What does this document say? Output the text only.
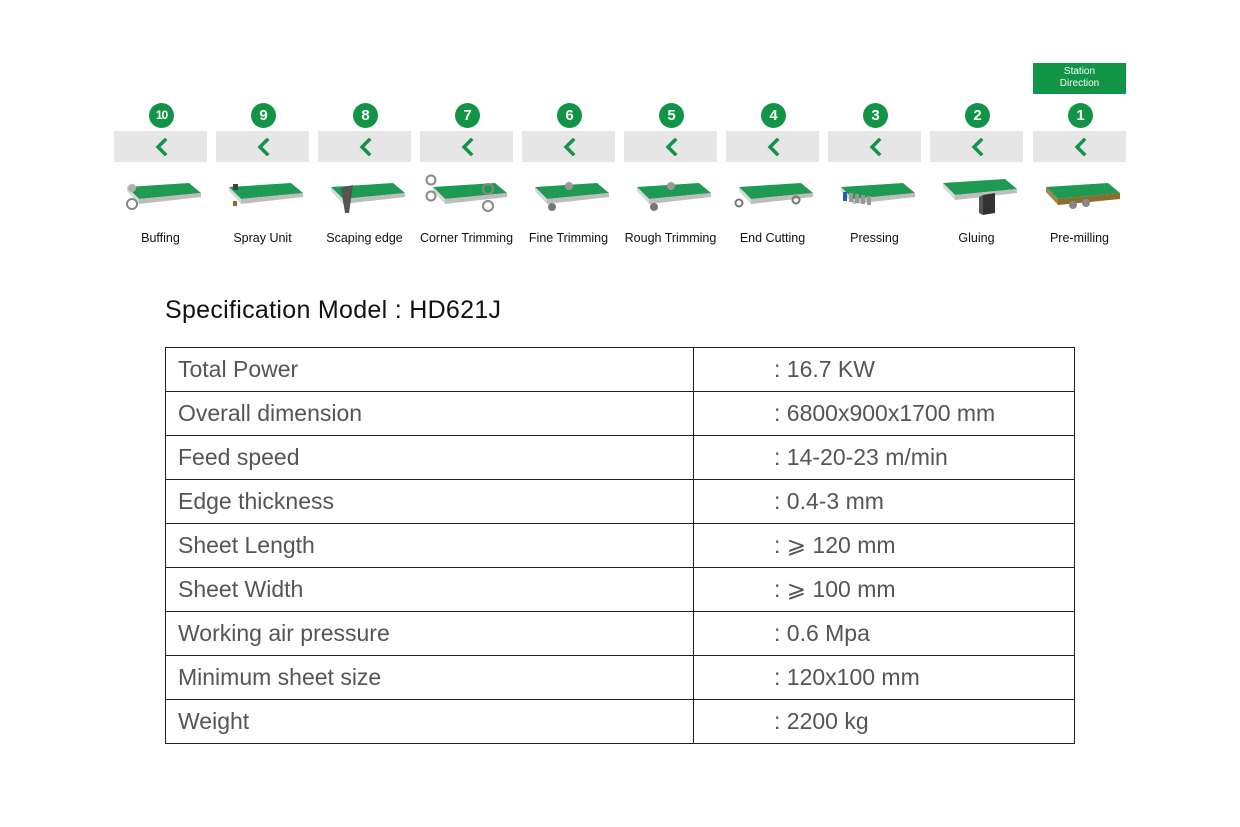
Station
Direction
10
Buffing
9
Spray Unit
8
Scaping edge
7
Corner Trimming
6
Fine Trimming
5
Rough Trimming
4
End Cutting
3
Pressing
2
Gluing
1
Pre-milling
Specification Model : HD621J
Total Power	: 16.7 KW
Overall dimension	: 6800x900x1700 mm
Feed speed	: 14-20-23 m/min
Edge thickness	: 0.4-3 mm
Sheet Length	: ⩾ 120 mm
Sheet Width	: ⩾ 100 mm
Working air pressure	: 0.6 Mpa
Minimum sheet size	: 120x100 mm
Weight	: 2200 kg
